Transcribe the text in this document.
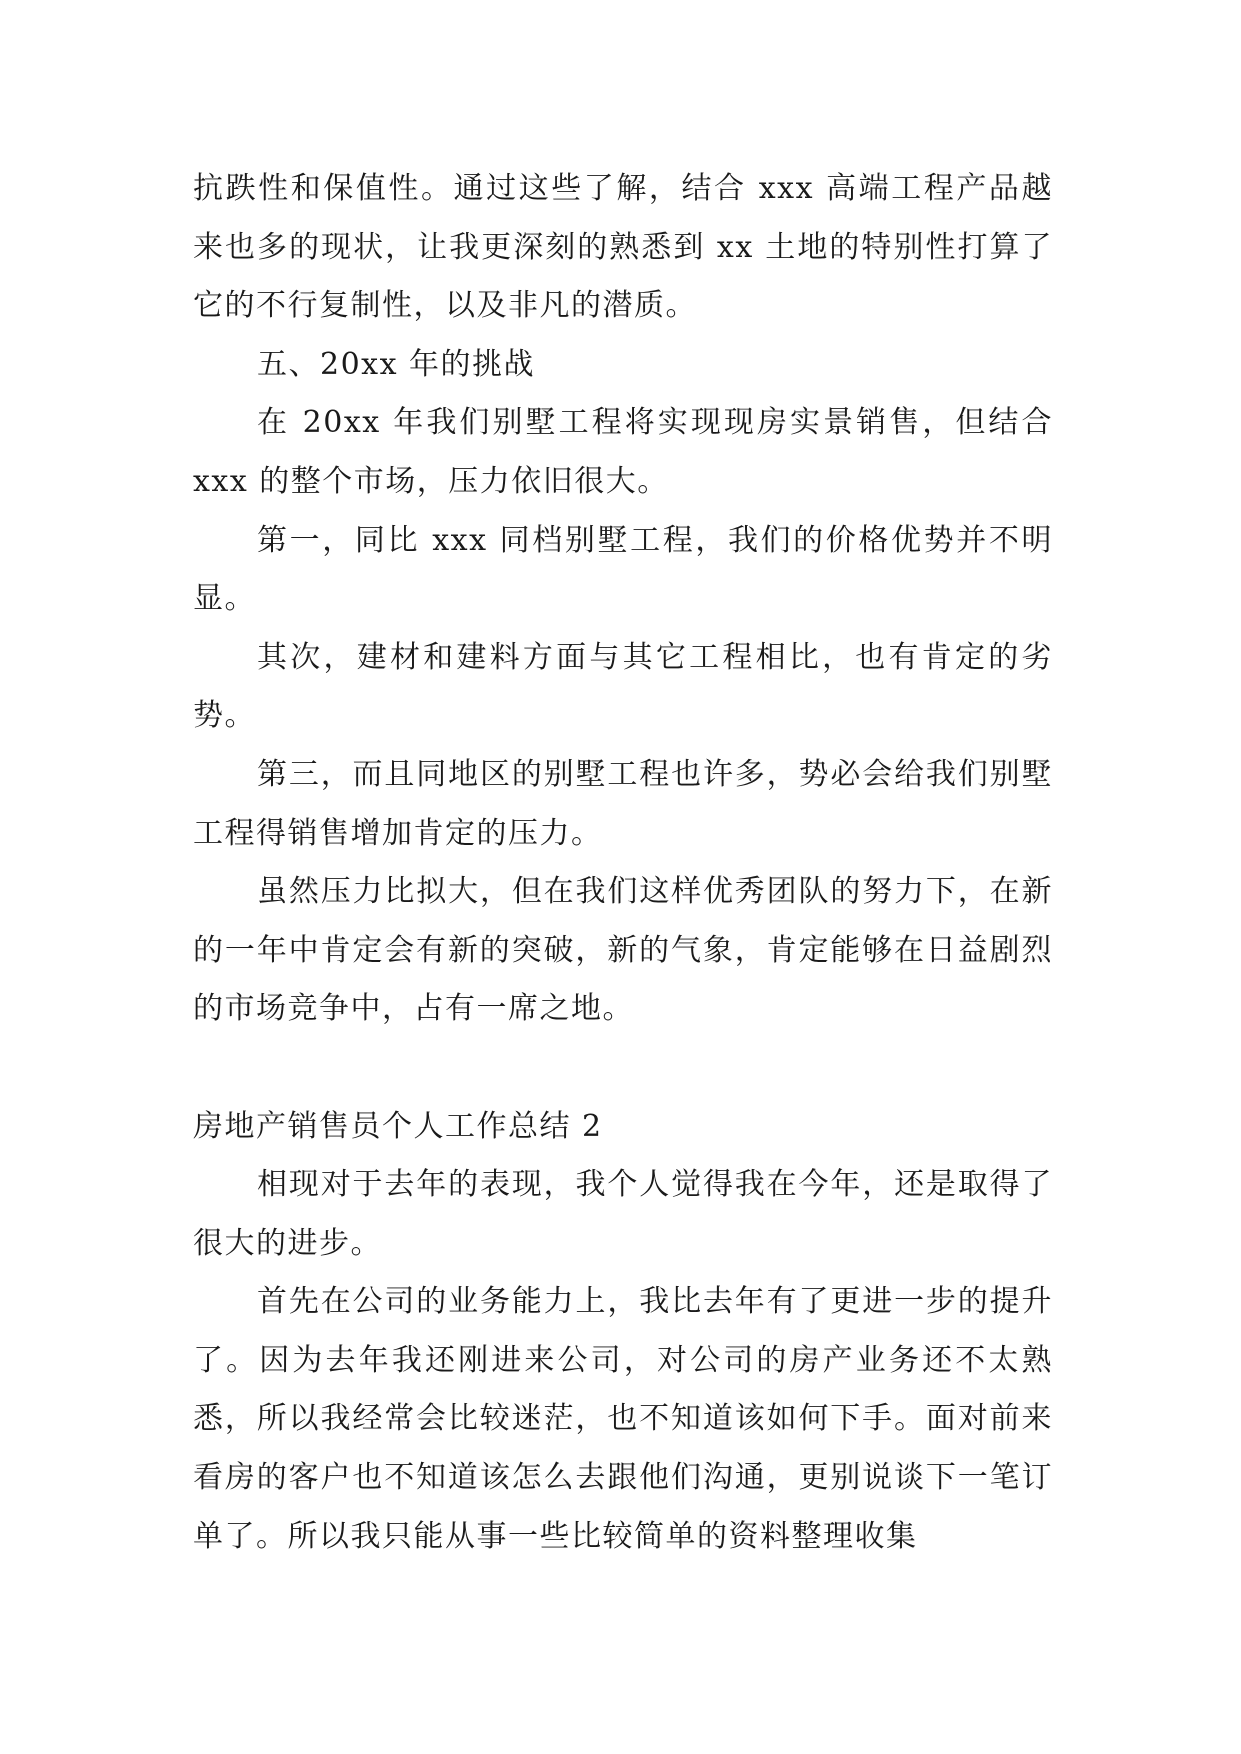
抗跌性和保值性。通过这些了解，结合 xxx 高端工程产品越来也多的现状，让我更深刻的熟悉到 xx 土地的特别性打算了它的不行复制性，以及非凡的潜质。

五、20xx 年的挑战

在 20xx 年我们别墅工程将实现现房实景销售，但结合 xxx 的整个市场，压力依旧很大。

第一，同比 xxx 同档别墅工程，我们的价格优势并不明显。

其次，建材和建料方面与其它工程相比，也有肯定的劣势。

第三，而且同地区的别墅工程也许多，势必会给我们别墅工程得销售增加肯定的压力。

虽然压力比拟大，但在我们这样优秀团队的努力下，在新的一年中肯定会有新的突破，新的气象，肯定能够在日益剧烈的市场竞争中，占有一席之地。

房地产销售员个人工作总结 2

相现对于去年的表现，我个人觉得我在今年，还是取得了很大的进步。

首先在公司的业务能力上，我比去年有了更进一步的提升了。因为去年我还刚进来公司，对公司的房产业务还不太熟悉，所以我经常会比较迷茫，也不知道该如何下手。面对前来看房的客户也不知道该怎么去跟他们沟通，更别说谈下一笔订单了。所以我只能从事一些比较简单的资料整理收集
